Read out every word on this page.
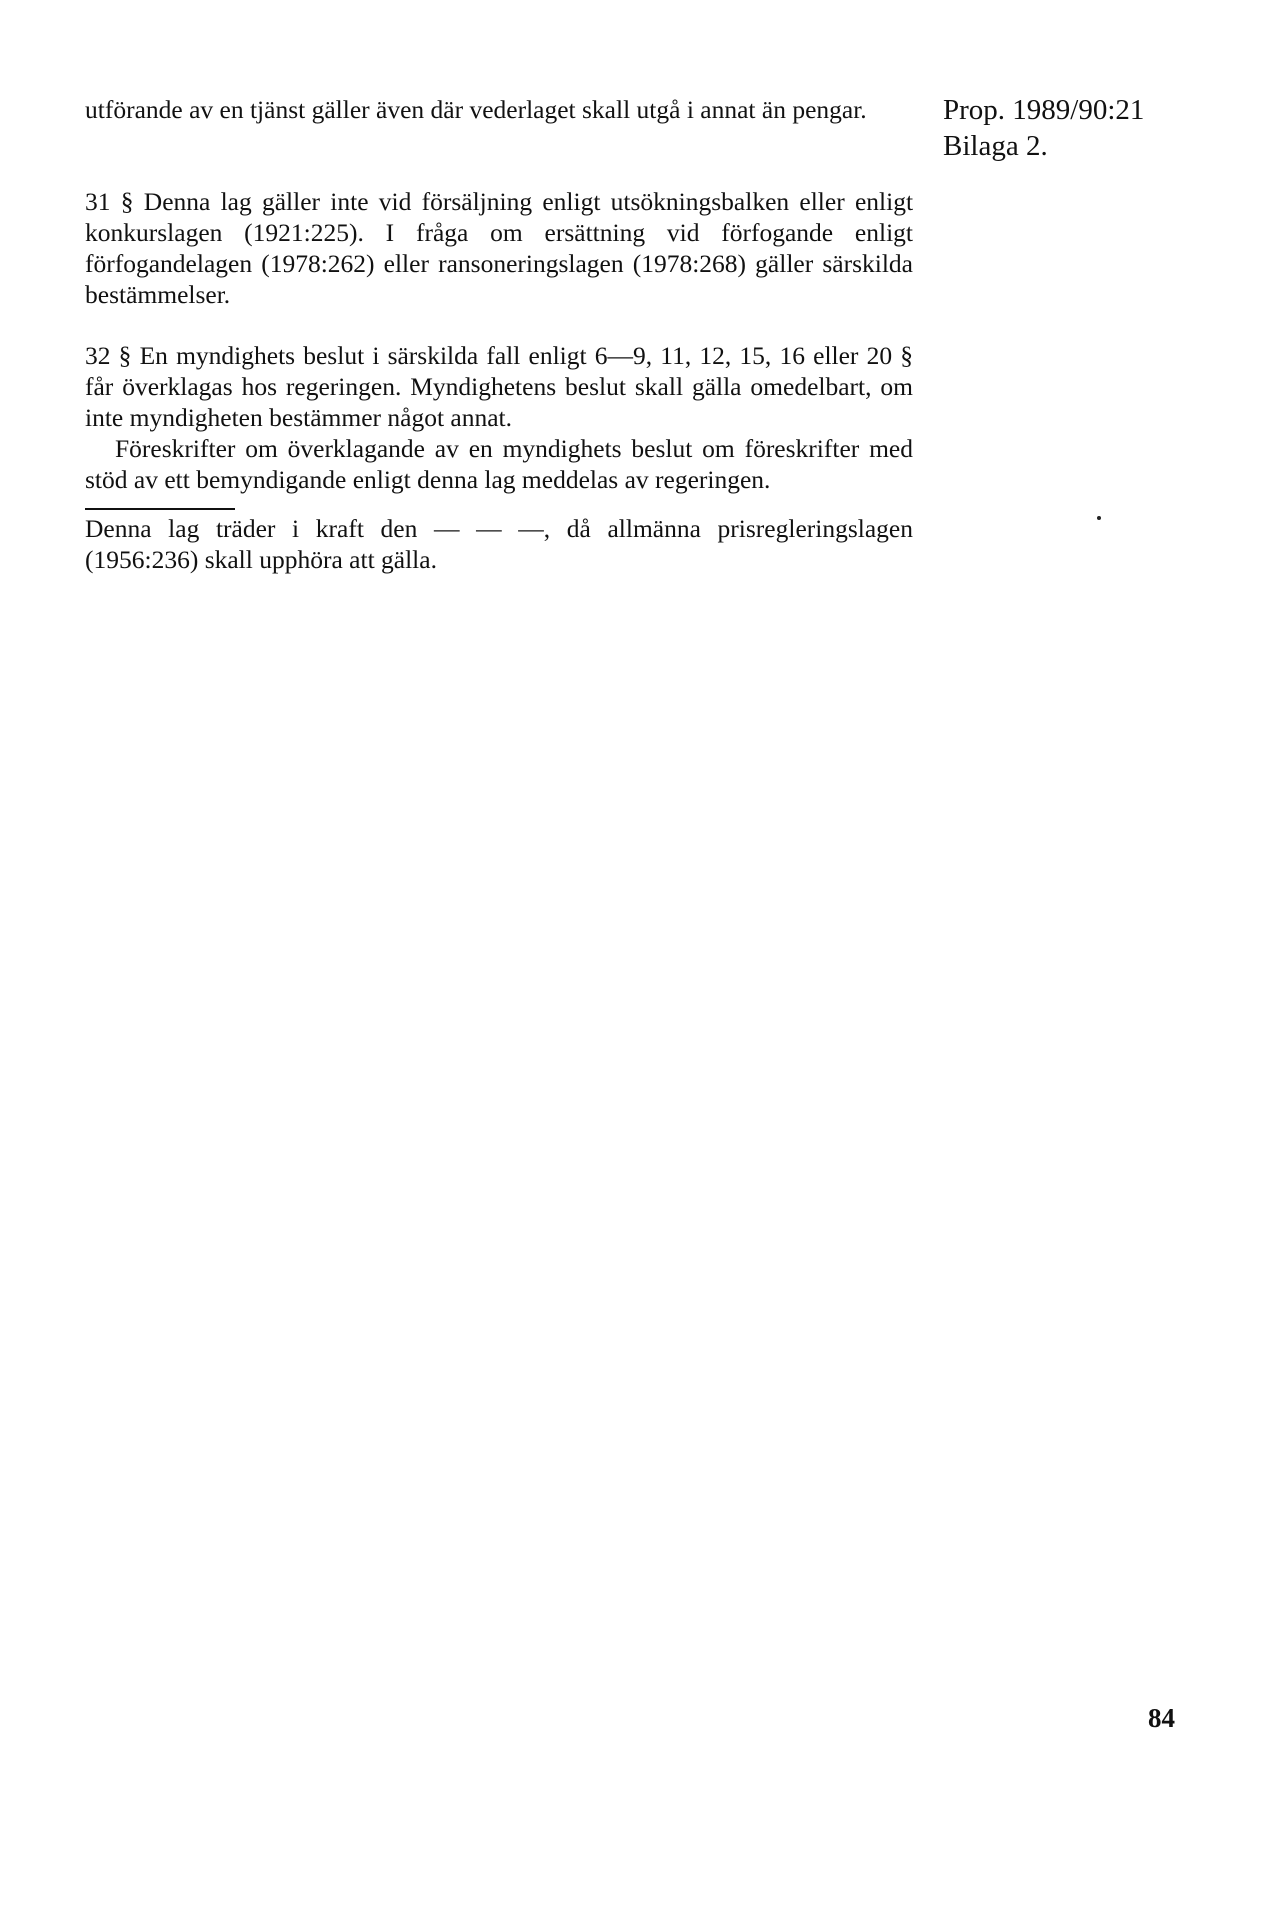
utförande av en tjänst gäller även där vederlaget skall utgå i annat än pengar.	Prop. 1989/90:21
Bilaga 2.

31 § Denna lag gäller inte vid försäljning enligt utsökningsbalken eller enligt konkurslagen (1921:225). I fråga om ersättning vid förfogande enligt förfogandelagen (1978:262) eller ransoneringslagen (1978:268) gäller särskilda bestämmelser.

32 § En myndighets beslut i särskilda fall enligt 6—9, 11, 12, 15, 16 eller 20 § får överklagas hos regeringen. Myndighetens beslut skall gälla omedelbart, om inte myndigheten bestämmer något annat.

Föreskrifter om överklagande av en myndighets beslut om föreskrifter med stöd av ett bemyndigande enligt denna lag meddelas av regeringen.

Denna lag träder i kraft den — — —, då allmänna prisregleringslagen (1956:236) skall upphöra att gälla.

84
